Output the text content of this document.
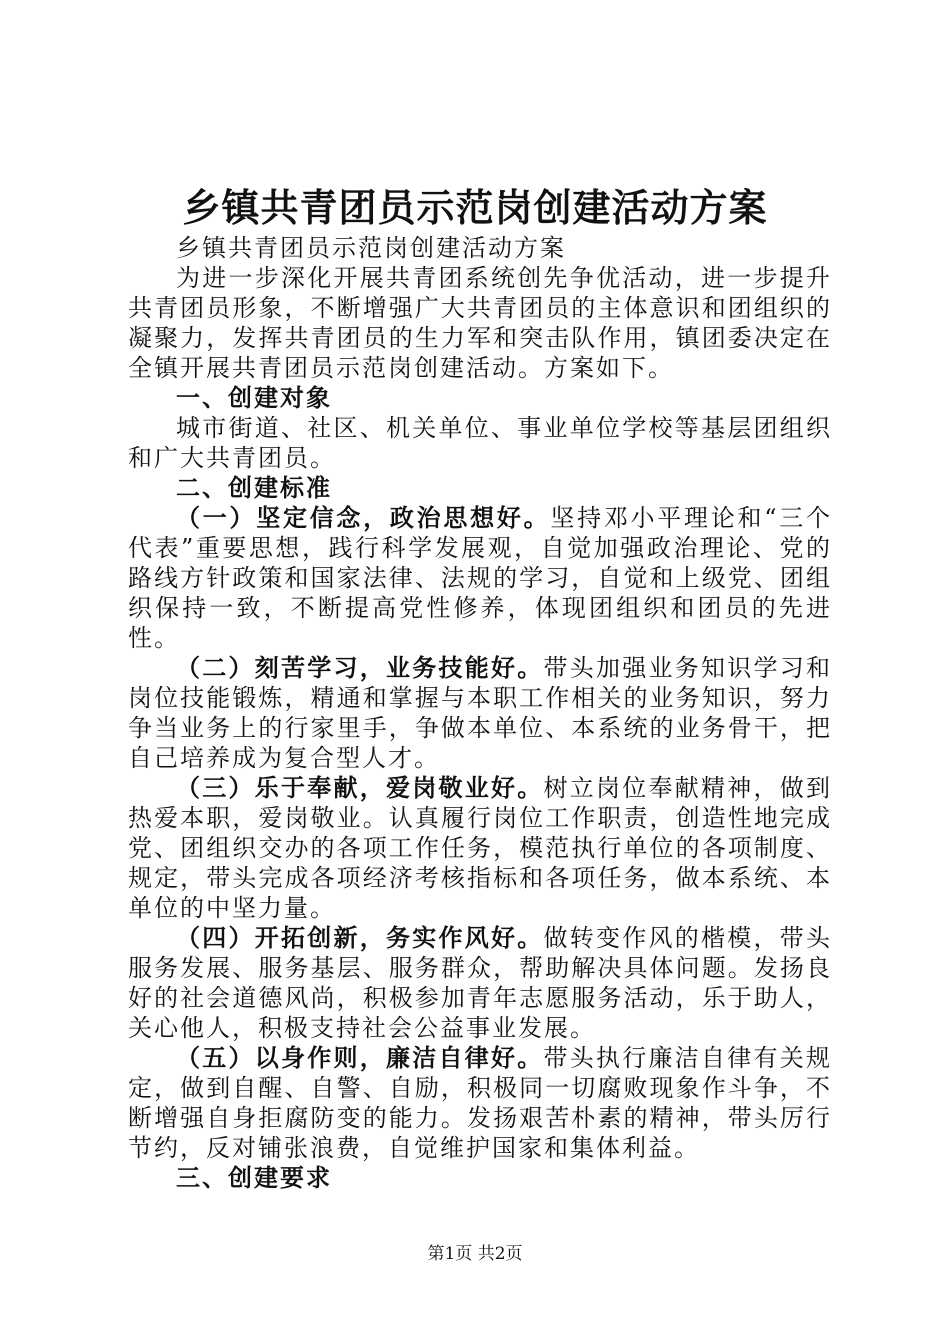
乡镇共青团员示范岗创建活动方案

乡镇共青团员示范岗创建活动方案

为进一步深化开展共青团系统创先争优活动，进一步提升共青团员形象，不断增强广大共青团员的主体意识和团组织的凝聚力，发挥共青团员的生力军和突击队作用，镇团委决定在全镇开展共青团员示范岗创建活动。方案如下。

一、创建对象

城市街道、社区、机关单位、事业单位学校等基层团组织和广大共青团员。

二、创建标准

（一）坚定信念，政治思想好。坚持邓小平理论和“三个代表”重要思想，践行科学发展观，自觉加强政治理论、党的路线方针政策和国家法律、法规的学习，自觉和上级党、团组织保持一致，不断提高党性修养，体现团组织和团员的先进性。

（二）刻苦学习，业务技能好。带头加强业务知识学习和岗位技能锻炼，精通和掌握与本职工作相关的业务知识，努力争当业务上的行家里手，争做本单位、本系统的业务骨干，把自己培养成为复合型人才。

（三）乐于奉献，爱岗敬业好。树立岗位奉献精神，做到热爱本职，爱岗敬业。认真履行岗位工作职责，创造性地完成党、团组织交办的各项工作任务，模范执行单位的各项制度、规定，带头完成各项经济考核指标和各项任务，做本系统、本单位的中坚力量。

（四）开拓创新，务实作风好。做转变作风的楷模，带头服务发展、服务基层、服务群众，帮助解决具体问题。发扬良好的社会道德风尚，积极参加青年志愿服务活动，乐于助人，关心他人，积极支持社会公益事业发展。

（五）以身作则，廉洁自律好。带头执行廉洁自律有关规定，做到自醒、自警、自励，积极同一切腐败现象作斗争，不断增强自身拒腐防变的能力。发扬艰苦朴素的精神，带头厉行节约，反对铺张浪费，自觉维护国家和集体利益。

三、创建要求

第1页 共2页
